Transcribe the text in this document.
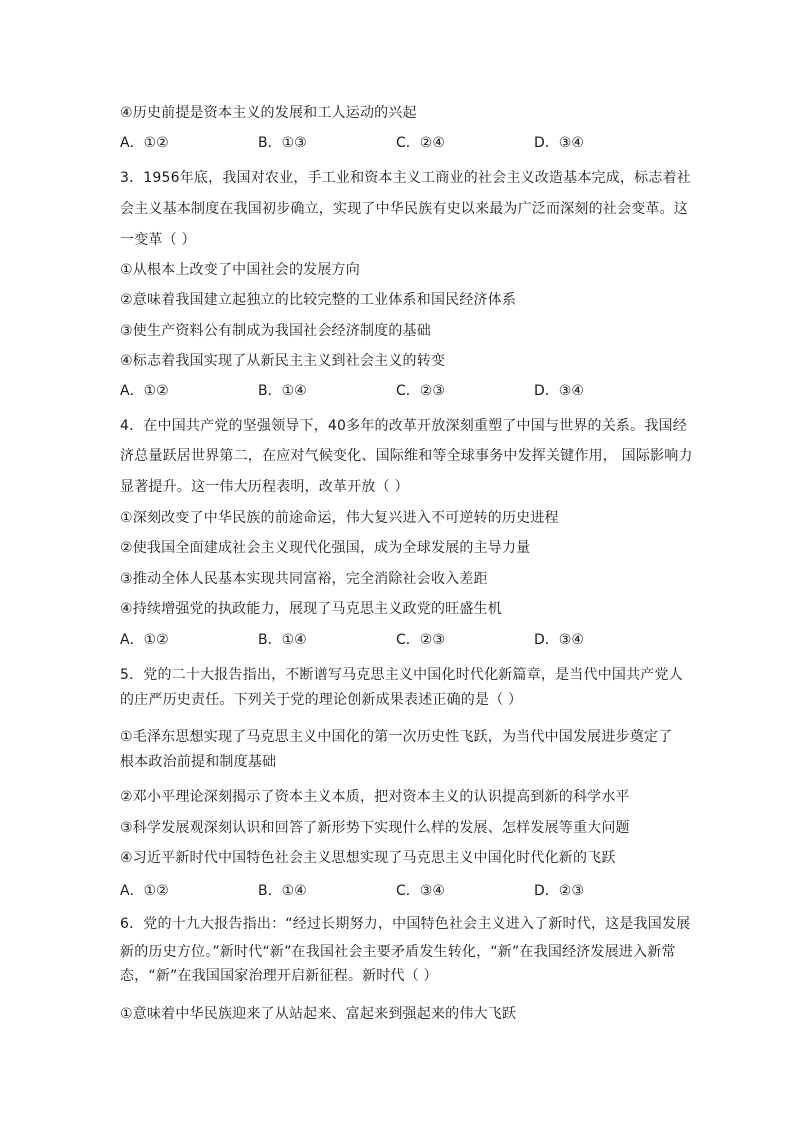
④历史前提是资本主义的发展和工人运动的兴起
A．①②	B．①③	C．②④	D．③④
3．1956年底，我国对农业，手工业和资本主义工商业的社会主义改造基本完成，标志着社
会主义基本制度在我国初步确立，实现了中华民族有史以来最为广泛而深刻的社会变革。这
一变革（ ）
①从根本上改变了中国社会的发展方向
②意味着我国建立起独立的比较完整的工业体系和国民经济体系
③使生产资料公有制成为我国社会经济制度的基础
④标志着我国实现了从新民主主义到社会主义的转变
A．①②	B．①④	C．②③	D．③④
4．在中国共产党的坚强领导下，40多年的改革开放深刻重塑了中国与世界的关系。我国经
济总量跃居世界第二，在应对气候变化、国际维和等全球事务中发挥关键作用， 国际影响力
显著提升。这一伟大历程表明，改革开放（ ）
①深刻改变了中华民族的前途命运，伟大复兴进入不可逆转的历史进程
②使我国全面建成社会主义现代化强国，成为全球发展的主导力量
③推动全体人民基本实现共同富裕，完全消除社会收入差距
④持续增强党的执政能力，展现了马克思主义政党的旺盛生机
A．①②	B．①④	C．②③	D．③④
5．党的二十大报告指出，不断谱写马克思主义中国化时代化新篇章，是当代中国共产党人
的庄严历史责任。下列关于党的理论创新成果表述正确的是（ ）
①毛泽东思想实现了马克思主义中国化的第一次历史性飞跃，为当代中国发展进步奠定了
根本政治前提和制度基础
②邓小平理论深刻揭示了资本主义本质，把对资本主义的认识提高到新的科学水平
③科学发展观深刻认识和回答了新形势下实现什么样的发展、怎样发展等重大问题
④习近平新时代中国特色社会主义思想实现了马克思主义中国化时代化新的飞跃
A．①②	B．①④	C．③④	D．②③
6．党的十九大报告指出：“经过长期努力，中国特色社会主义进入了新时代，这是我国发展
新的历史方位。”新时代“新”在我国社会主要矛盾发生转化，“新”在我国经济发展进入新常
态，“新”在我国国家治理开启新征程。新时代（ ）
①意味着中华民族迎来了从站起来、富起来到强起来的伟大飞跃
